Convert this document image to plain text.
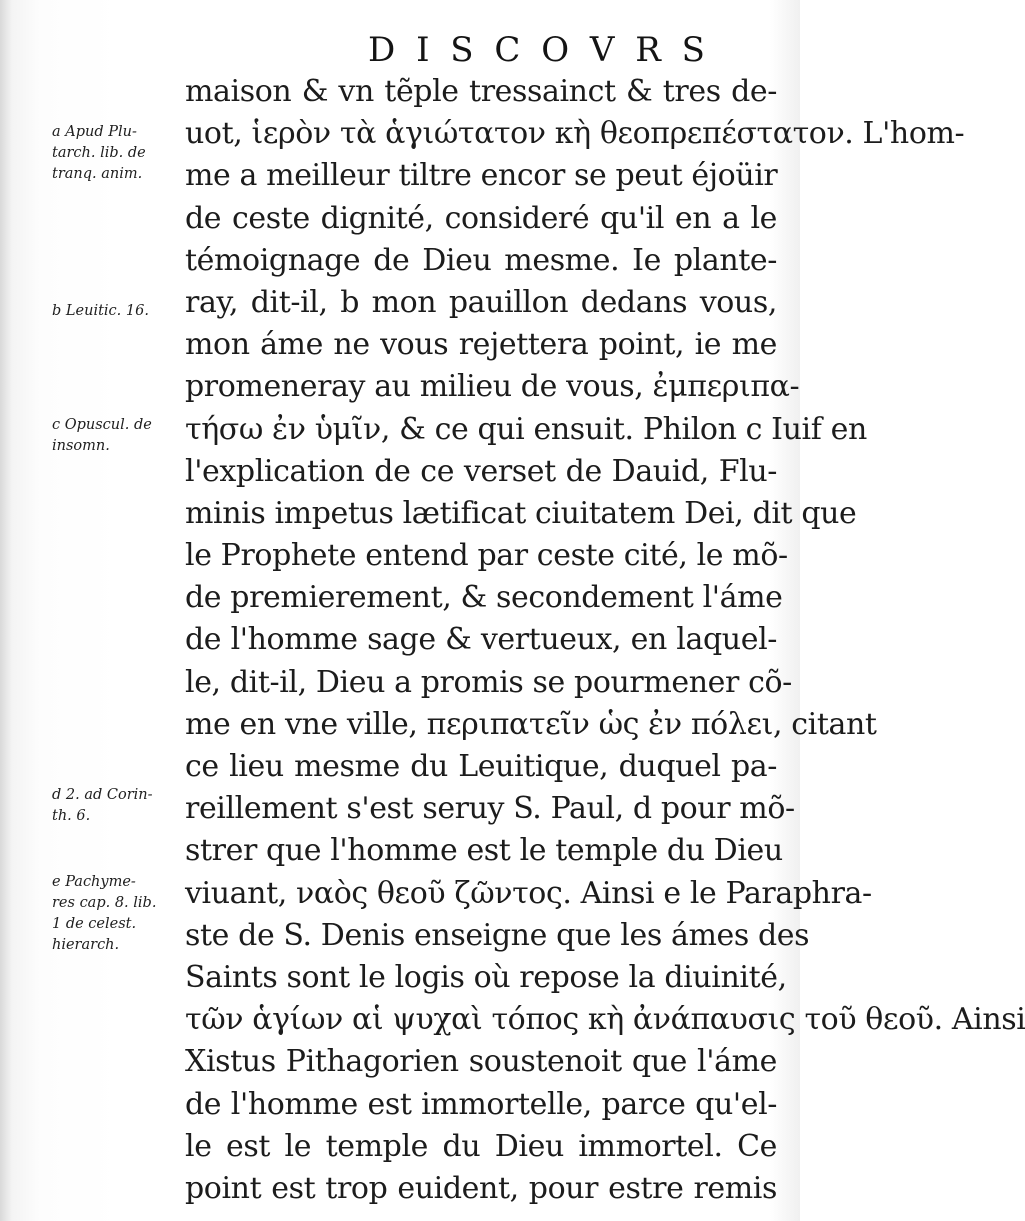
D I S C O V R S
a Apud Plu-
tarch. lib. de
tranq. anim.
b Leuitic. 16.
c Opuscul. de
insomn.
d 2. ad Corin-
th. 6.
e Pachyme-
res cap. 8. lib.
1 de celest.
hierarch.
maison & vn tẽple tressainct & tres de-
uot, ἱερὸν τὰ ἁγιώτατον κὴ θεοπρεπέστατον. L'hom-
me a meilleur tiltre encor se peut éjoüir
de ceste dignité, consideré qu'il en a le
témoignage de Dieu mesme. Ie plante-
ray, dit-il, b mon pauillon dedans vous,
mon áme ne vous rejettera point, ie me
promeneray au milieu de vous, ἐμπεριπα-
τήσω ἐν ὑμῖν, & ce qui ensuit. Philon c Iuif en
l'explication de ce verset de Dauid, Flu-
minis impetus lætificat ciuitatem Dei, dit que
le Prophete entend par ceste cité, le mõ-
de premierement, & secondement l'áme
de l'homme sage & vertueux, en laquel-
le, dit-il, Dieu a promis se pourmener cõ-
me en vne ville, περιπατεῖν ὡς ἐν πόλει, citant
ce lieu mesme du Leuitique, duquel pa-
reillement s'est seruy S. Paul, d pour mõ-
strer que l'homme est le temple du Dieu
viuant, ναὸς θεοῦ ζῶντος. Ainsi e le Paraphra-
ste de S. Denis enseigne que les ámes des
Saints sont le logis où repose la diuinité,
τῶν ἁγίων αἱ ψυχαὶ τόπος κὴ ἀνάπαυσις τοῦ θεοῦ. Ainsi
Xistus Pithagorien soustenoit que l'áme
de l'homme est immortelle, parce qu'el-
le est le temple du Dieu immortel. Ce
point est trop euident, pour estre remis
